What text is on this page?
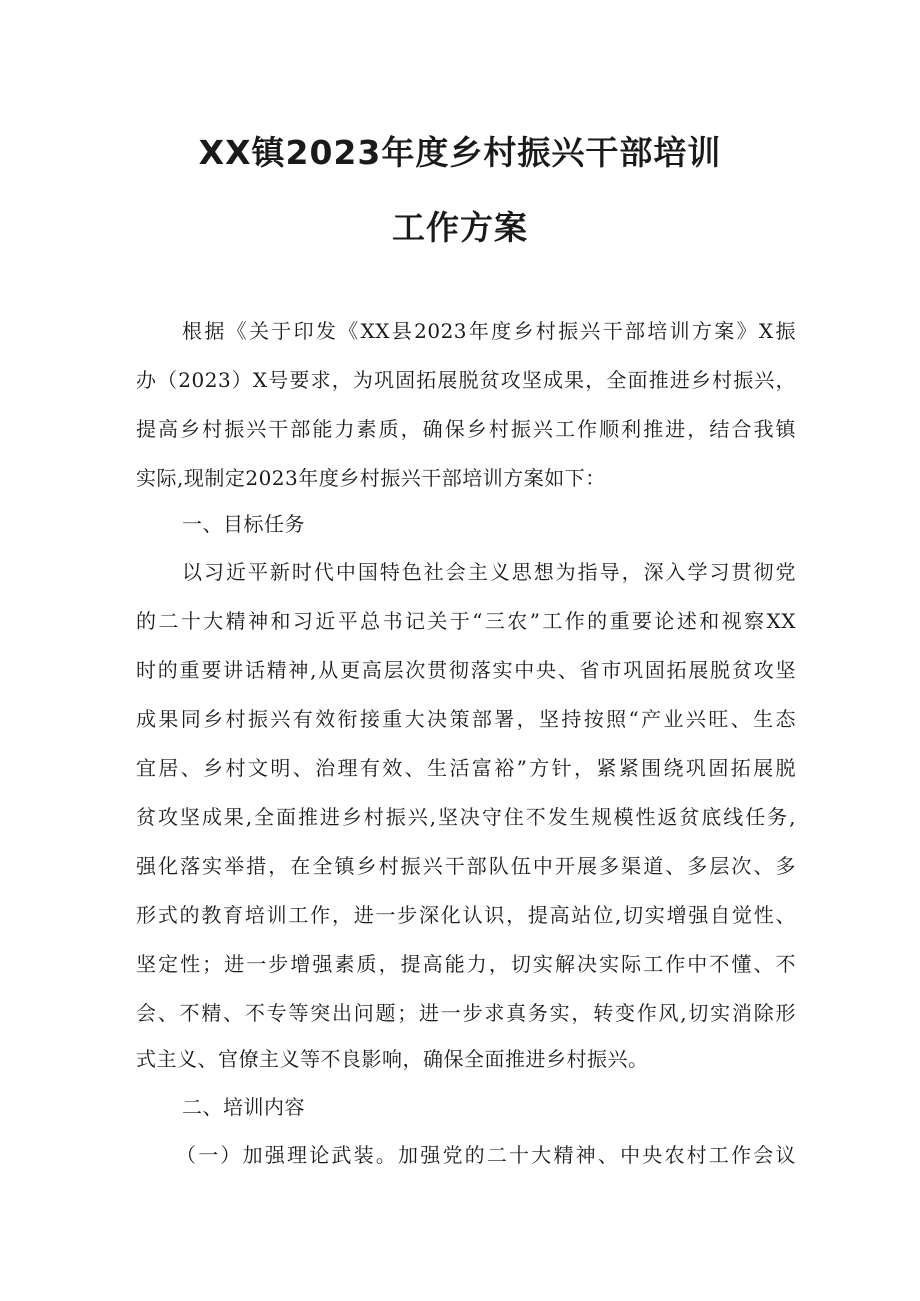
XX镇2023年度乡村振兴干部培训
工作方案
根据《关于印发《XX县2023年度乡村振兴干部培训方案》X振
办（2023）X号要求，为巩固拓展脱贫攻坚成果，全面推进乡村振兴，
提高乡村振兴干部能力素质，确保乡村振兴工作顺利推进，结合我镇
实际,现制定2023年度乡村振兴干部培训方案如下：
一、目标任务
以习近平新时代中国特色社会主义思想为指导，深入学习贯彻党
的二十大精神和习近平总书记关于“三农”工作的重要论述和视察XX
时的重要讲话精神,从更高层次贯彻落实中央、省市巩固拓展脱贫攻坚
成果同乡村振兴有效衔接重大决策部署，坚持按照“产业兴旺、生态
宜居、乡村文明、治理有效、生活富裕”方针，紧紧围绕巩固拓展脱
贫攻坚成果,全面推进乡村振兴,坚决守住不发生规模性返贫底线任务,
强化落实举措，在全镇乡村振兴干部队伍中开展多渠道、多层次、多
形式的教育培训工作，进一步深化认识，提高站位,切实增强自觉性、
坚定性；进一步增强素质，提高能力，切实解决实际工作中不懂、不
会、不精、不专等突出问题；进一步求真务实，转变作风,切实消除形
式主义、官僚主义等不良影响，确保全面推进乡村振兴。
二、培训内容
（一）加强理论武装。加强党的二十大精神、中央农村工作会议
